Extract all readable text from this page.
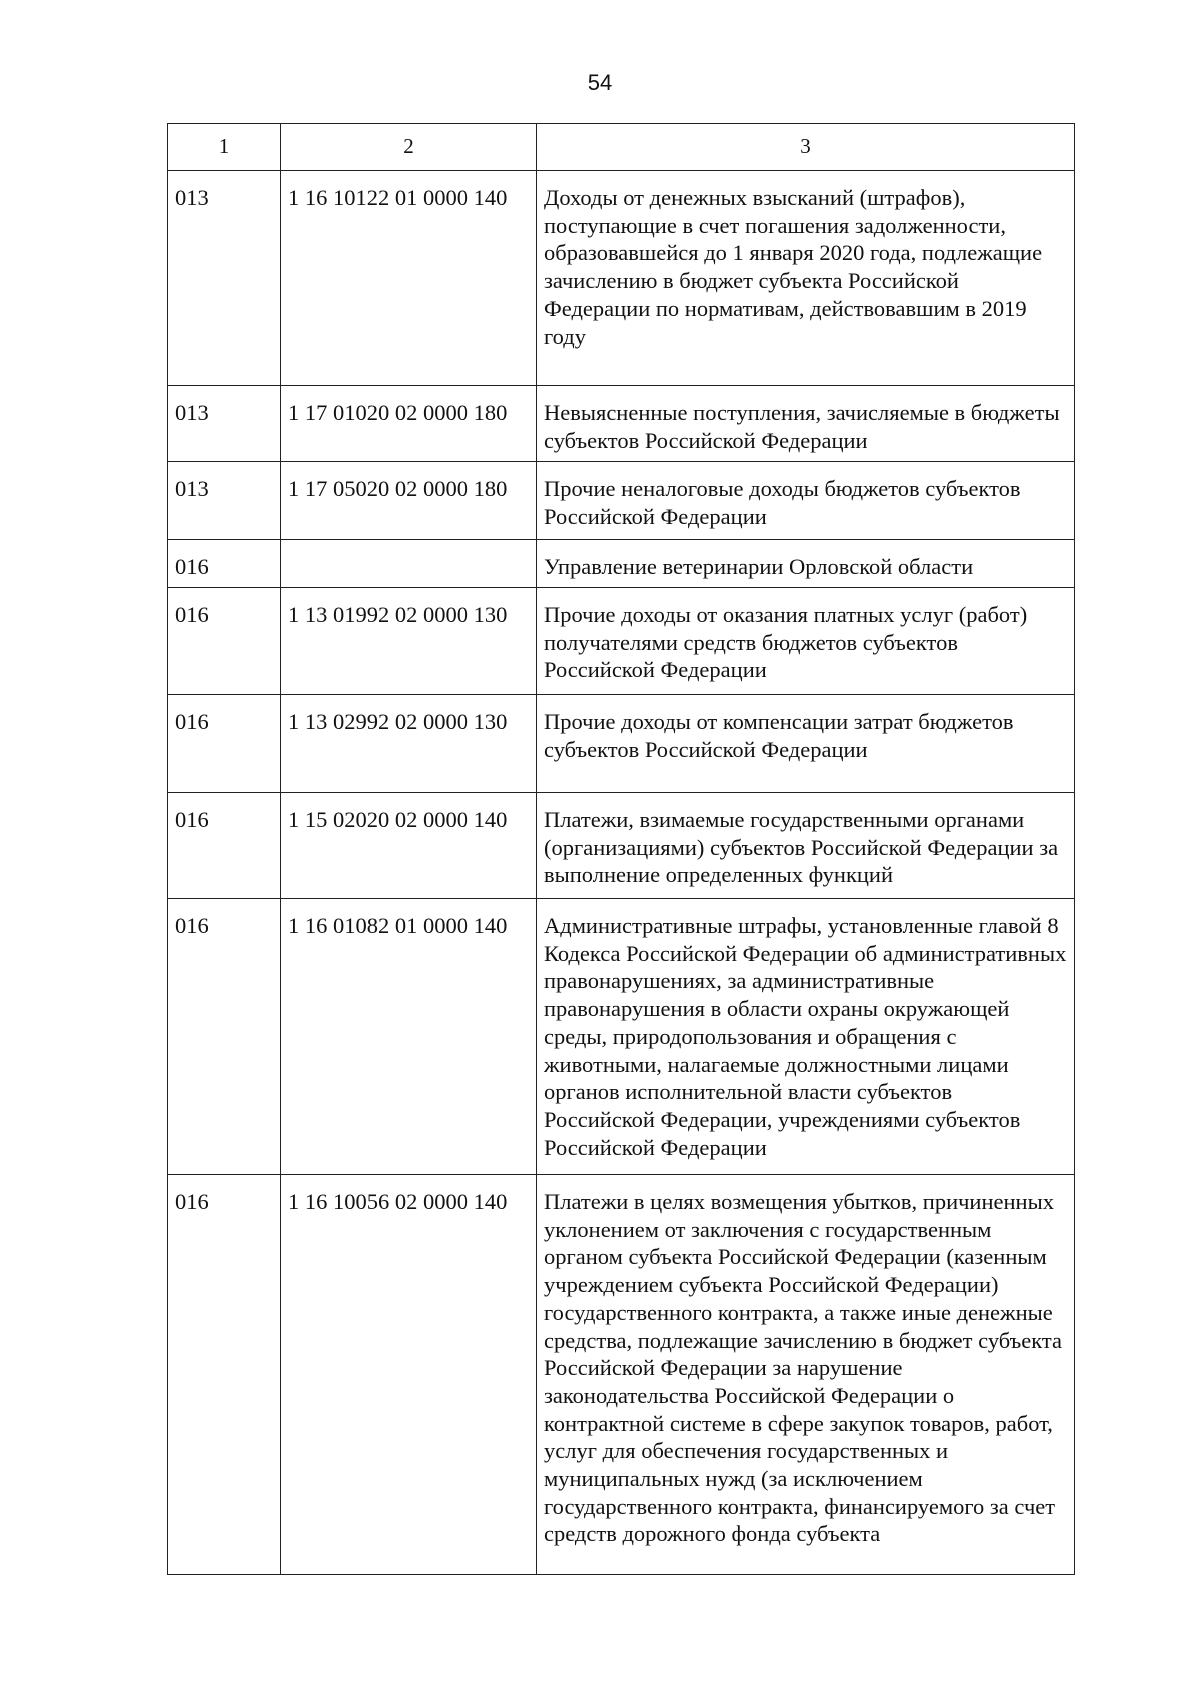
54
1	2	3
013	1 16 10122 01 0000 140	Доходы от денежных взысканий (штрафов), поступающие в счет погашения задолженности, образовавшейся до 1 января 2020 года, подлежащие зачислению в бюджет субъекта Российской Федерации по нормативам, действовавшим в 2019 году
013	1 17 01020 02 0000 180	Невыясненные поступления, зачисляемые в бюджеты субъектов Российской Федерации
013	1 17 05020 02 0000 180	Прочие неналоговые доходы бюджетов субъектов Российской Федерации
016		Управление ветеринарии Орловской области
016	1 13 01992 02 0000 130	Прочие доходы от оказания платных услуг (работ) получателями средств бюджетов субъектов Российской Федерации
016	1 13 02992 02 0000 130	Прочие доходы от компенсации затрат бюджетов субъектов Российской Федерации
016	1 15 02020 02 0000 140	Платежи, взимаемые государственными органами (организациями) субъектов Российской Федерации за выполнение определенных функций
016	1 16 01082 01 0000 140	Административные штрафы, установленные главой 8 Кодекса Российской Федерации об административных правонарушениях, за административные правонарушения в области охраны окружающей среды, природопользования и обращения с животными, налагаемые должностными лицами органов исполнительной власти субъектов Российской Федерации, учреждениями субъектов Российской Федерации
016	1 16 10056 02 0000 140	Платежи в целях возмещения убытков, причиненных уклонением от заключения с государственным органом субъекта Российской Федерации (казенным учреждением субъекта Российской Федерации) государственного контракта, а также иные денежные средства, подлежащие зачислению в бюджет субъекта Российской Федерации за нарушение законодательства Российской Федерации о контрактной системе в сфере закупок товаров, работ, услуг для обеспечения государственных и муниципальных нужд (за исключением государственного контракта, финансируемого за счет средств дорожного фонда субъекта
